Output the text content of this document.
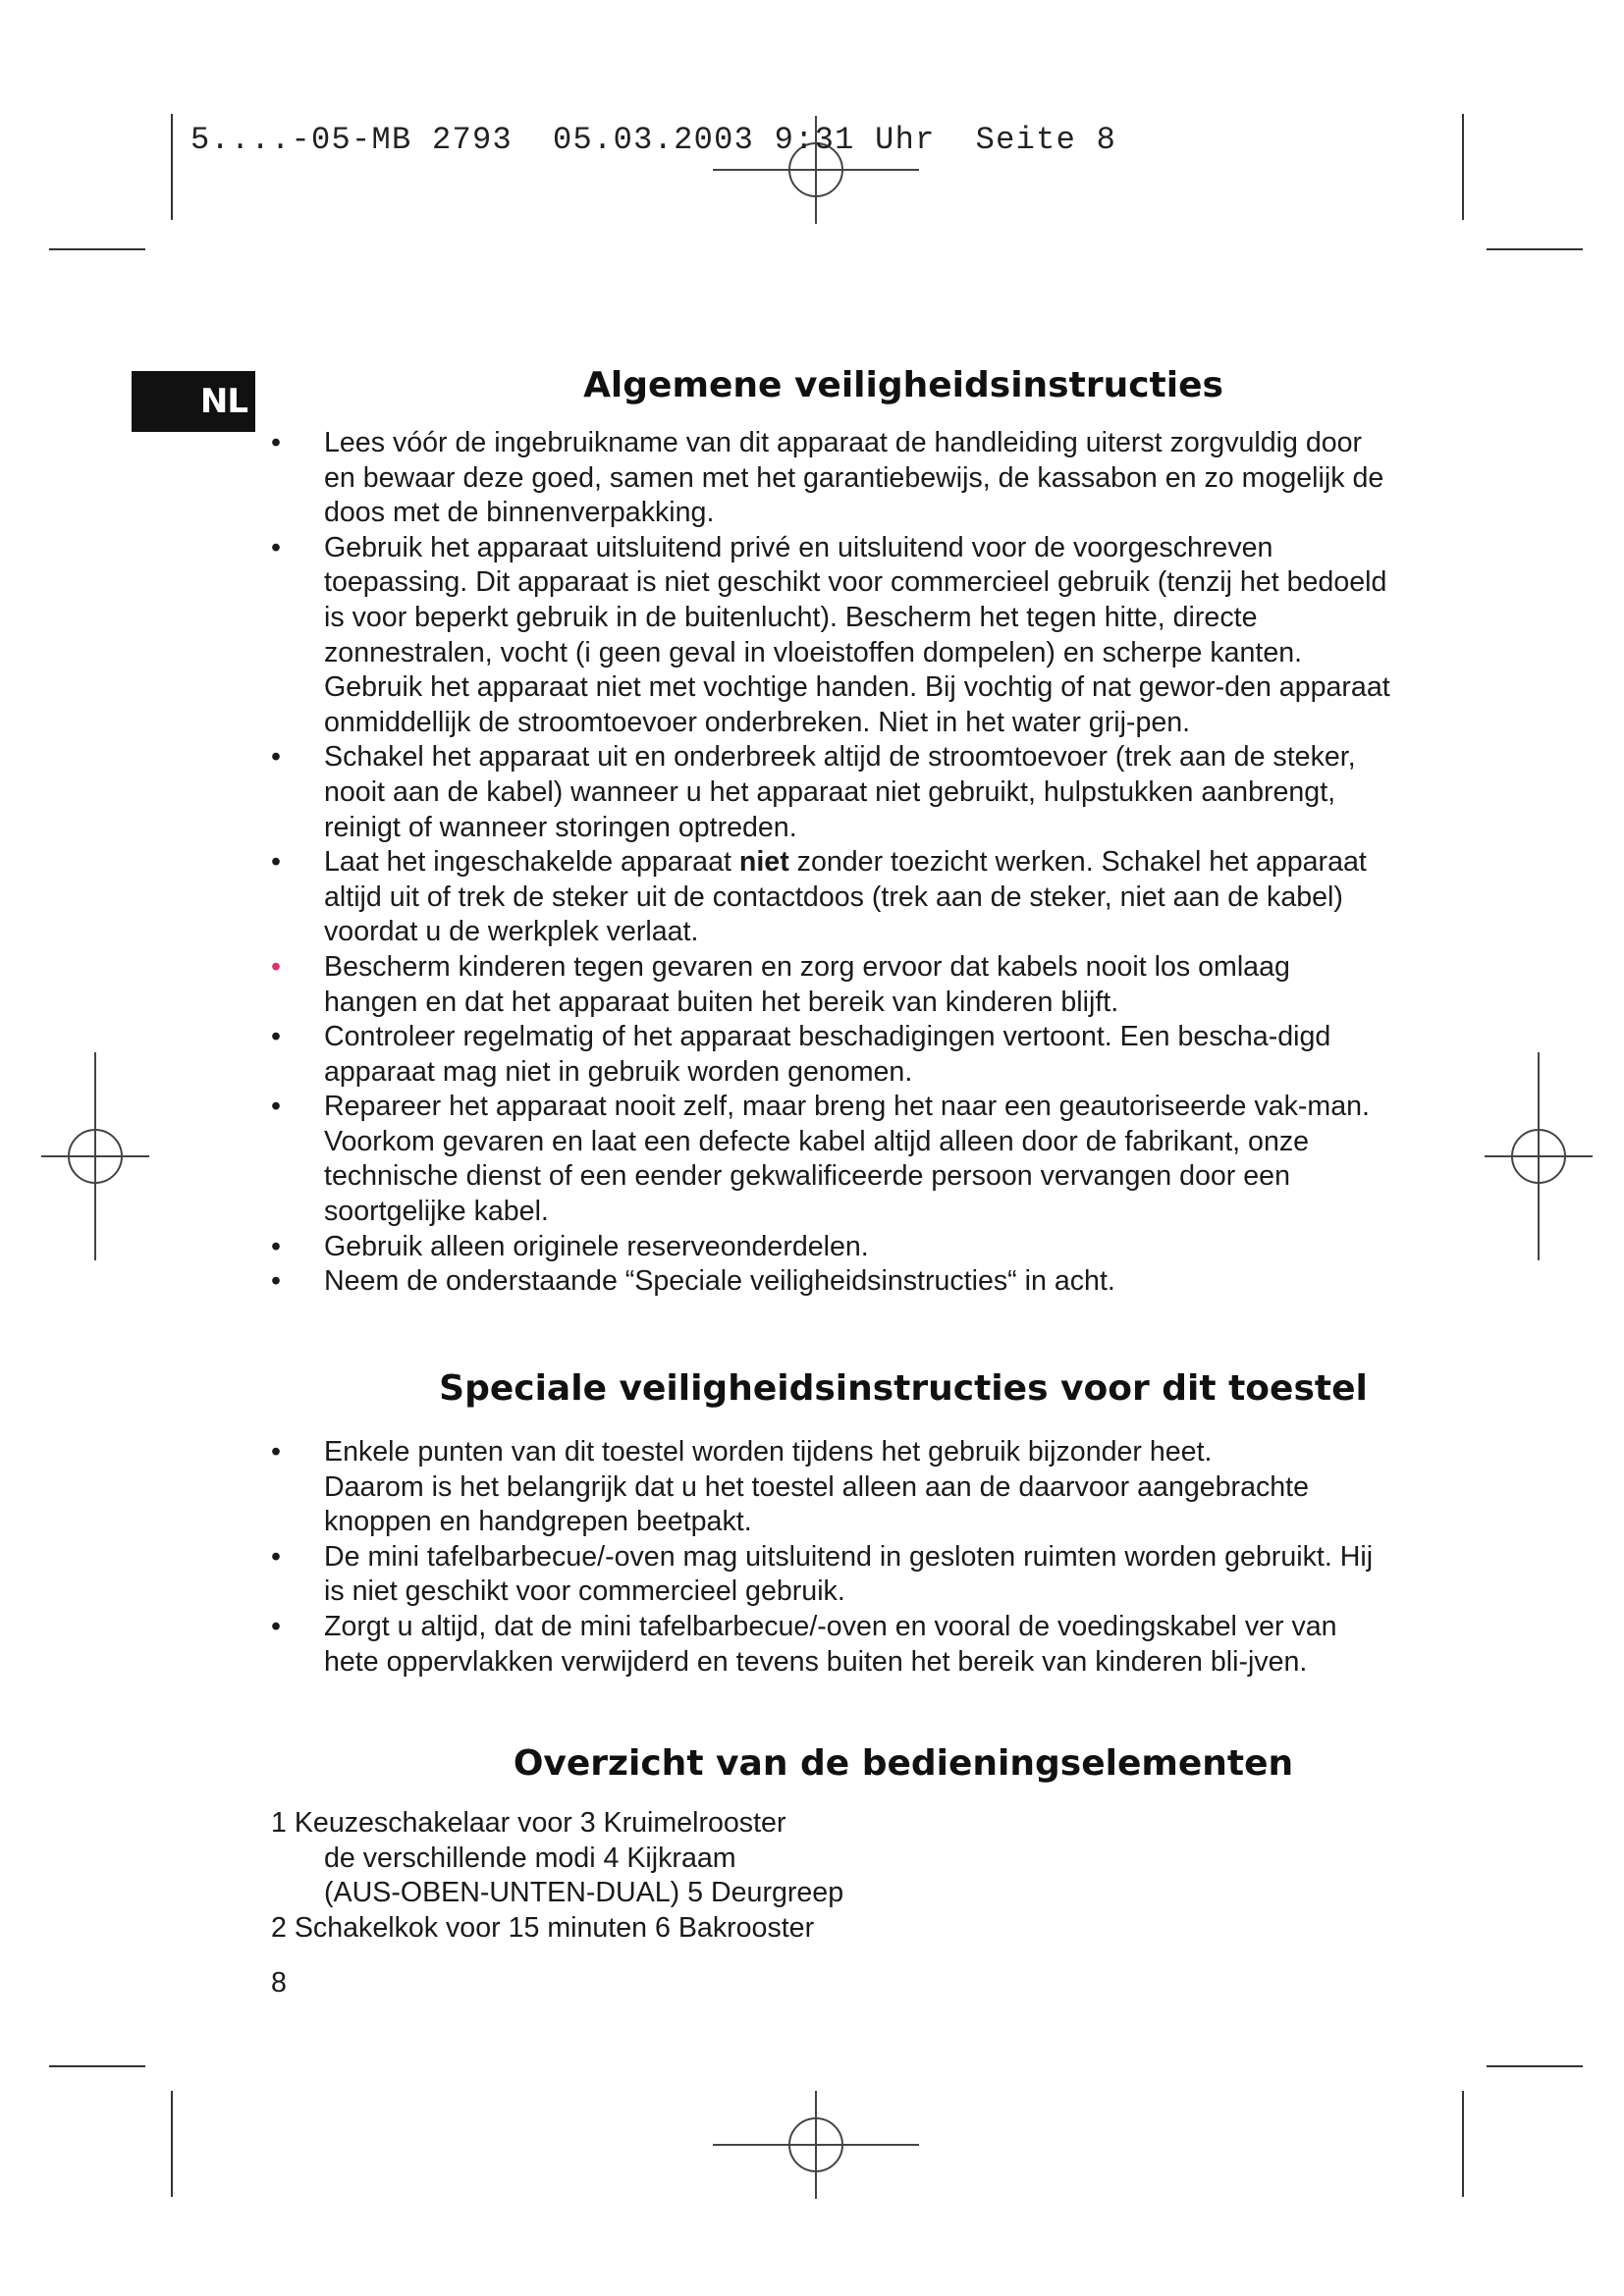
5....-05-MB 2793  05.03.2003 9:31 Uhr  Seite 8
NL	Algemene veiligheidsinstructies
• Lees vóór de ingebruikname van dit apparaat de handleiding uiterst zorgvuldig door en bewaar deze goed, samen met het garantiebewijs, de kassabon en zo mogelijk de doos met de binnenverpakking.
• Gebruik het apparaat uitsluitend privé en uitsluitend voor de voorgeschreven toepassing. Dit apparaat is niet geschikt voor commercieel gebruik (tenzij het bedoeld is voor beperkt gebruik in de buitenlucht). Bescherm het tegen hitte, directe zonnestralen, vocht (i geen geval in vloeistoffen dompelen) en scherpe kanten. Gebruik het apparaat niet met vochtige handen. Bij vochtig of nat gewor-den apparaat onmiddellijk de stroomtoevoer onderbreken. Niet in het water grij-pen.
• Schakel het apparaat uit en onderbreek altijd de stroomtoevoer (trek aan de steker, nooit aan de kabel) wanneer u het apparaat niet gebruikt, hulpstukken aanbrengt, reinigt of wanneer storingen optreden.
• Laat het ingeschakelde apparaat niet zonder toezicht werken. Schakel het apparaat altijd uit of trek de steker uit de contactdoos (trek aan de steker, niet aan de kabel) voordat u de werkplek verlaat.
• Bescherm kinderen tegen gevaren en zorg ervoor dat kabels nooit los omlaag hangen en dat het apparaat buiten het bereik van kinderen blijft.
• Controleer regelmatig of het apparaat beschadigingen vertoont. Een bescha-digd apparaat mag niet in gebruik worden genomen.
• Repareer het apparaat nooit zelf, maar breng het naar een geautoriseerde vak-man. Voorkom gevaren en laat een defecte kabel altijd alleen door de fabrikant, onze technische dienst of een eender gekwalificeerde persoon vervangen door een soortgelijke kabel.
• Gebruik alleen originele reserveonderdelen.
• Neem de onderstaande “Speciale veiligheidsinstructies“ in acht.
Speciale veiligheidsinstructies voor dit toestel
• Enkele punten van dit toestel worden tijdens het gebruik bijzonder heet.
Daarom is het belangrijk dat u het toestel alleen aan de daarvoor aangebrachte knoppen en handgrepen beetpakt.
• De mini tafelbarbecue/-oven mag uitsluitend in gesloten ruimten worden gebruikt. Hij is niet geschikt voor commercieel gebruik.
• Zorgt u altijd, dat de mini tafelbarbecue/-oven en vooral de voedingskabel ver van hete oppervlakken verwijderd en tevens buiten het bereik van kinderen bli-jven.
Overzicht van de bedieningselementen
1 Keuzeschakelaar voor 3 Kruimelrooster
de verschillende modi 4 Kijkraam
(AUS-OBEN-UNTEN-DUAL) 5 Deurgreep
2 Schakelkok voor 15 minuten 6 Bakrooster
8
